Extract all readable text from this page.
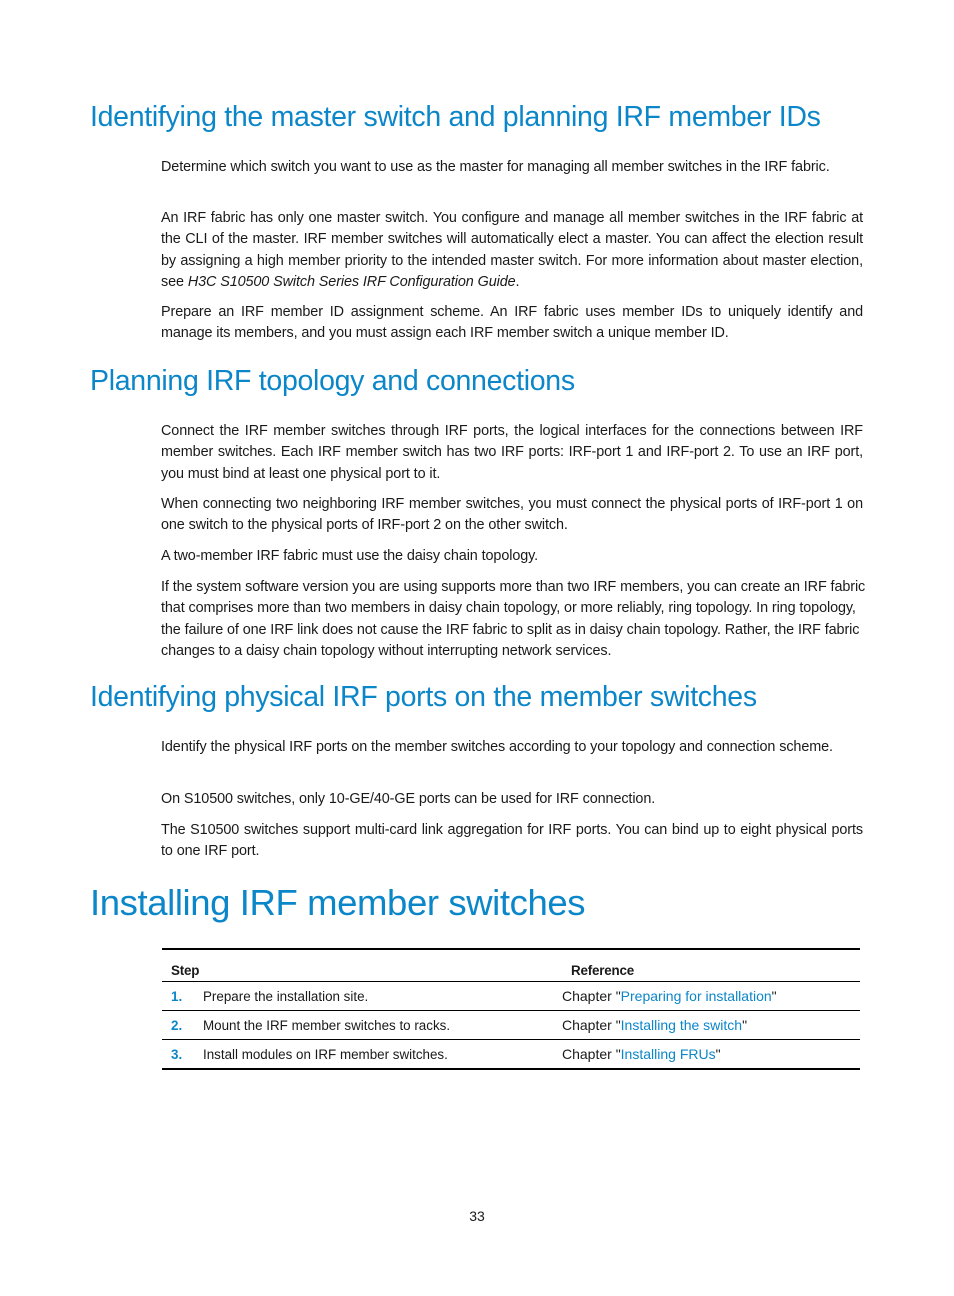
Identifying the master switch and planning IRF member IDs

Determine which switch you want to use as the master for managing all member switches in the IRF fabric.

An IRF fabric has only one master switch. You configure and manage all member switches in the IRF fabric at the CLI of the master. IRF member switches will automatically elect a master. You can affect the election result by assigning a high member priority to the intended master switch. For more information about master election, see H3C S10500 Switch Series IRF Configuration Guide.

Prepare an IRF member ID assignment scheme. An IRF fabric uses member IDs to uniquely identify and manage its members, and you must assign each IRF member switch a unique member ID.

Planning IRF topology and connections

Connect the IRF member switches through IRF ports, the logical interfaces for the connections between IRF member switches. Each IRF member switch has two IRF ports: IRF-port 1 and IRF-port 2. To use an IRF port, you must bind at least one physical port to it.

When connecting two neighboring IRF member switches, you must connect the physical ports of IRF-port 1 on one switch to the physical ports of IRF-port 2 on the other switch.

A two-member IRF fabric must use the daisy chain topology.

If the system software version you are using supports more than two IRF members, you can create an IRF fabric that comprises more than two members in daisy chain topology, or more reliably, ring topology. In ring topology, the failure of one IRF link does not cause the IRF fabric to split as in daisy chain topology. Rather, the IRF fabric changes to a daisy chain topology without interrupting network services.

Identifying physical IRF ports on the member switches

Identify the physical IRF ports on the member switches according to your topology and connection scheme.

On S10500 switches, only 10-GE/40-GE ports can be used for IRF connection.

The S10500 switches support multi-card link aggregation for IRF ports. You can bind up to eight physical ports to one IRF port.

Installing IRF member switches
Step	Reference
1. Prepare the installation site.	Chapter "Preparing for installation"
2. Mount the IRF member switches to racks.	Chapter "Installing the switch"
3. Install modules on IRF member switches.	Chapter "Installing FRUs"
33
